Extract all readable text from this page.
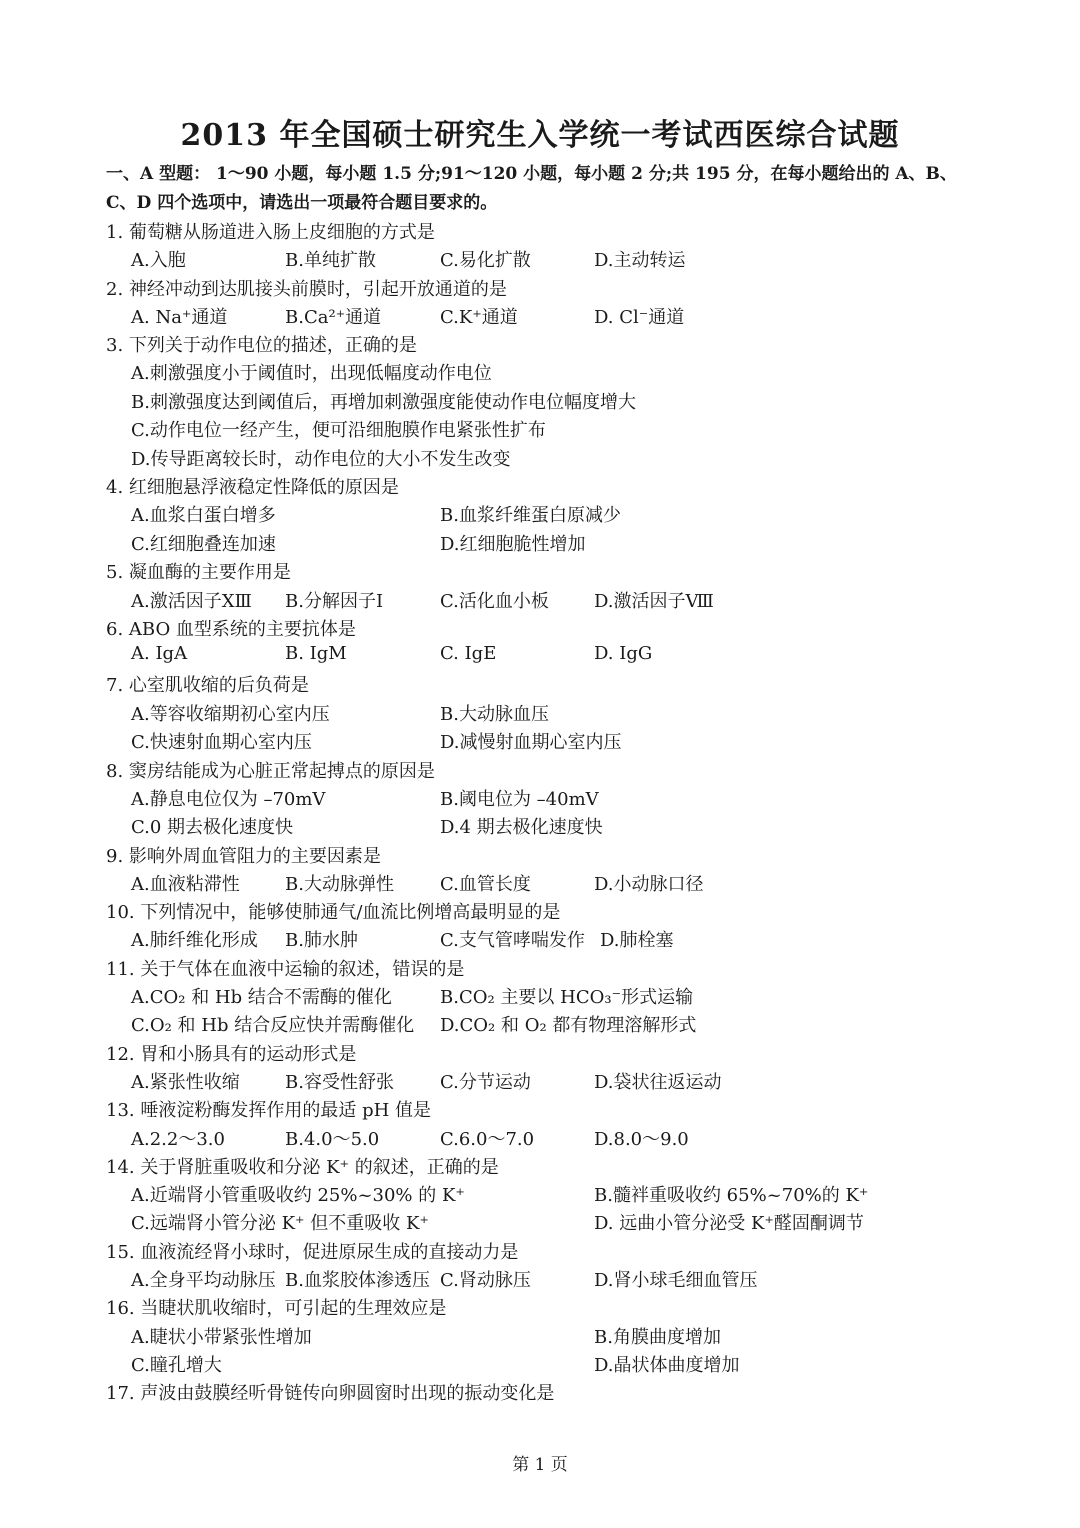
2013 年全国硕士研究生入学统一考试西医综合试题
一、A 型题： 1～90 小题，每小题 1.5 分;91～120 小题，每小题 2 分;共 195 分，在每小题给出的 A、B、
C、D 四个选项中，请选出一项最符合题目要求的。
1. 葡萄糖从肠道进入肠上皮细胞的方式是
A.入胞	B.单纯扩散	C.易化扩散	D.主动转运
2. 神经冲动到达肌接头前膜时，引起开放通道的是
A. Na⁺通道	B.Ca²⁺通道	C.K⁺通道	D. Cl⁻通道
3. 下列关于动作电位的描述，正确的是
A.刺激强度小于阈值时，出现低幅度动作电位
B.刺激强度达到阈值后，再增加刺激强度能使动作电位幅度增大
C.动作电位一经产生，便可沿细胞膜作电紧张性扩布
D.传导距离较长时，动作电位的大小不发生改变
4. 红细胞悬浮液稳定性降低的原因是
A.血浆白蛋白增多	B.血浆纤维蛋白原减少
C.红细胞叠连加速	D.红细胞脆性增加
5. 凝血酶的主要作用是
A.激活因子ⅩⅢ B.分解因子Ⅰ	C.活化血小板	D.激活因子Ⅷ
6. ABO 血型系统的主要抗体是
A. IgA	B. IgM	C. IgE	D. IgG
7. 心室肌收缩的后负荷是
A.等容收缩期初心室内压	B.大动脉血压
C.快速射血期心室内压	D.减慢射血期心室内压
8. 窦房结能成为心脏正常起搏点的原因是
A.静息电位仅为 –70mV	B.阈电位为 –40mV
C.0 期去极化速度快	D.4 期去极化速度快
9. 影响外周血管阻力的主要因素是
A.血液粘滞性	B.大动脉弹性	C.血管长度	D.小动脉口径
10. 下列情况中，能够使肺通气/血流比例增高最明显的是
A.肺纤维化形成 B.肺水肿	C.支气管哮喘发作 D.肺栓塞
11. 关于气体在血液中运输的叙述，错误的是
A.CO₂ 和 Hb 结合不需酶的催化	B.CO₂ 主要以 HCO₃⁻形式运输
C.O₂ 和 Hb 结合反应快并需酶催化 D.CO₂ 和 O₂ 都有物理溶解形式
12. 胃和小肠具有的运动形式是
A.紧张性收缩	B.容受性舒张	C.分节运动	D.袋状往返运动
13. 唾液淀粉酶发挥作用的最适 pH 值是
A.2.2～3.0	B.4.0～5.0	C.6.0～7.0	D.8.0～9.0
14. 关于肾脏重吸收和分泌 K⁺ 的叙述，正确的是
A.近端肾小管重吸收约 25%~30% 的 K⁺	B.髓袢重吸收约 65%~70%的 K⁺
C.远端肾小管分泌 K⁺ 但不重吸收 K⁺	D. 远曲小管分泌受 K⁺醛固酮调节
15. 血液流经肾小球时，促进原尿生成的直接动力是
A.全身平均动脉压 B.血浆胶体渗透压 C.肾动脉压	D.肾小球毛细血管压
16. 当睫状肌收缩时，可引起的生理效应是
A.睫状小带紧张性增加	B.角膜曲度增加
C.瞳孔增大	D.晶状体曲度增加
17. 声波由鼓膜经听骨链传向卵圆窗时出现的振动变化是
第 1 页
